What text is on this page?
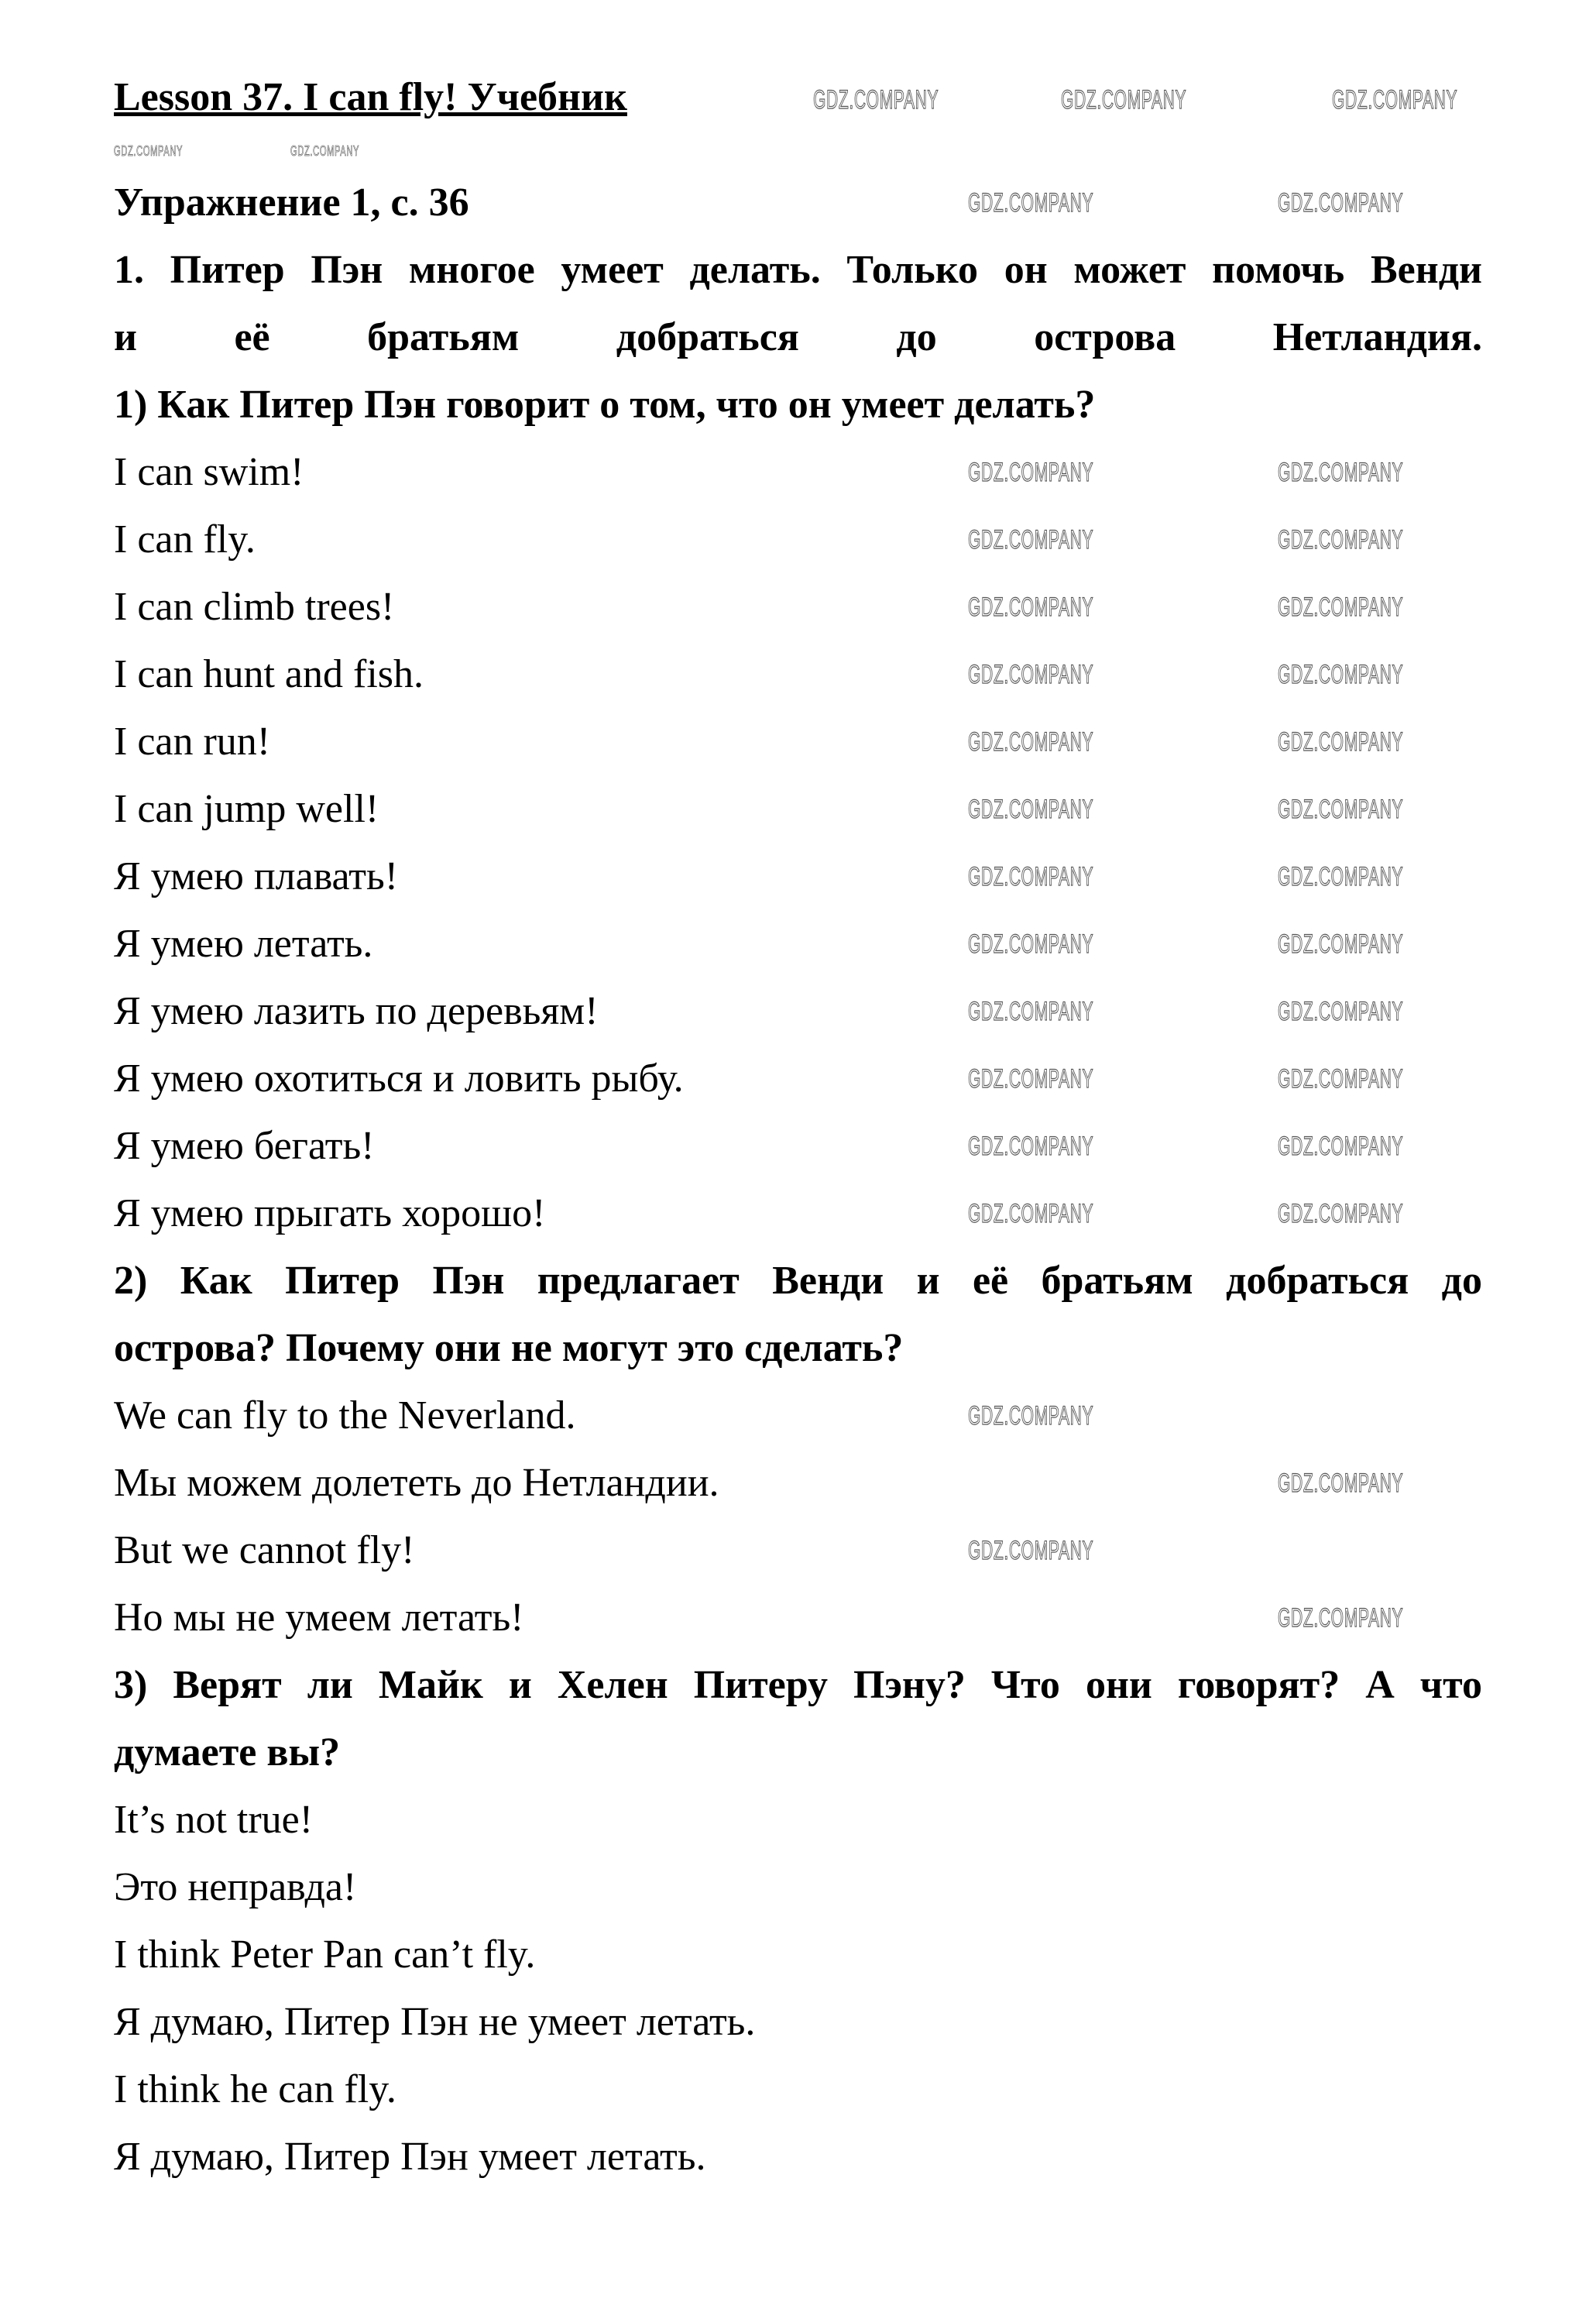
Lesson 37. I can fly! Учебник
Упражнение 1, с. 36
1. Питер Пэн многое умеет делать. Только он может помочь Венди
и её братьям добраться до острова Нетландия.
1) Как Питер Пэн говорит о том, что он умеет делать?
I can swim!
I can fly.
I can climb trees!
I can hunt and fish.
I can run!
I can jump well!
Я умею плавать!
Я умею летать.
Я умею лазить по деревьям!
Я умею охотиться и ловить рыбу.
Я умею бегать!
Я умею прыгать хорошо!
2) Как Питер Пэн предлагает Венди и её братьям добраться до
острова? Почему они не могут это сделать?
We can fly to the Neverland.
Мы можем долететь до Нетландии.
But we cannot fly!
Но мы не умеем летать!
3) Верят ли Майк и Хелен Питеру Пэну? Что они говорят? А что
думаете вы?
It’s not true!
Это неправда!
I think Peter Pan can’t fly.
Я думаю, Питер Пэн не умеет летать.
I think he can fly.
Я думаю, Питер Пэн умеет летать.
GDZ.COMPANY	GDZ.COMPANY	GDZ.COMPANY
GDZ.COMPANY	GDZ.COMPANY
GDZ.COMPANY	GDZ.COMPANY
GDZ.COMPANY	GDZ.COMPANY
GDZ.COMPANY	GDZ.COMPANY
GDZ.COMPANY	GDZ.COMPANY
GDZ.COMPANY	GDZ.COMPANY
GDZ.COMPANY	GDZ.COMPANY
GDZ.COMPANY	GDZ.COMPANY
GDZ.COMPANY	GDZ.COMPANY
GDZ.COMPANY	GDZ.COMPANY
GDZ.COMPANY	GDZ.COMPANY
GDZ.COMPANY	GDZ.COMPANY
GDZ.COMPANY	GDZ.COMPANY
GDZ.COMPANY	GDZ.COMPANY
GDZ.COMPANY
GDZ.COMPANY
GDZ.COMPANY
GDZ.COMPANY
